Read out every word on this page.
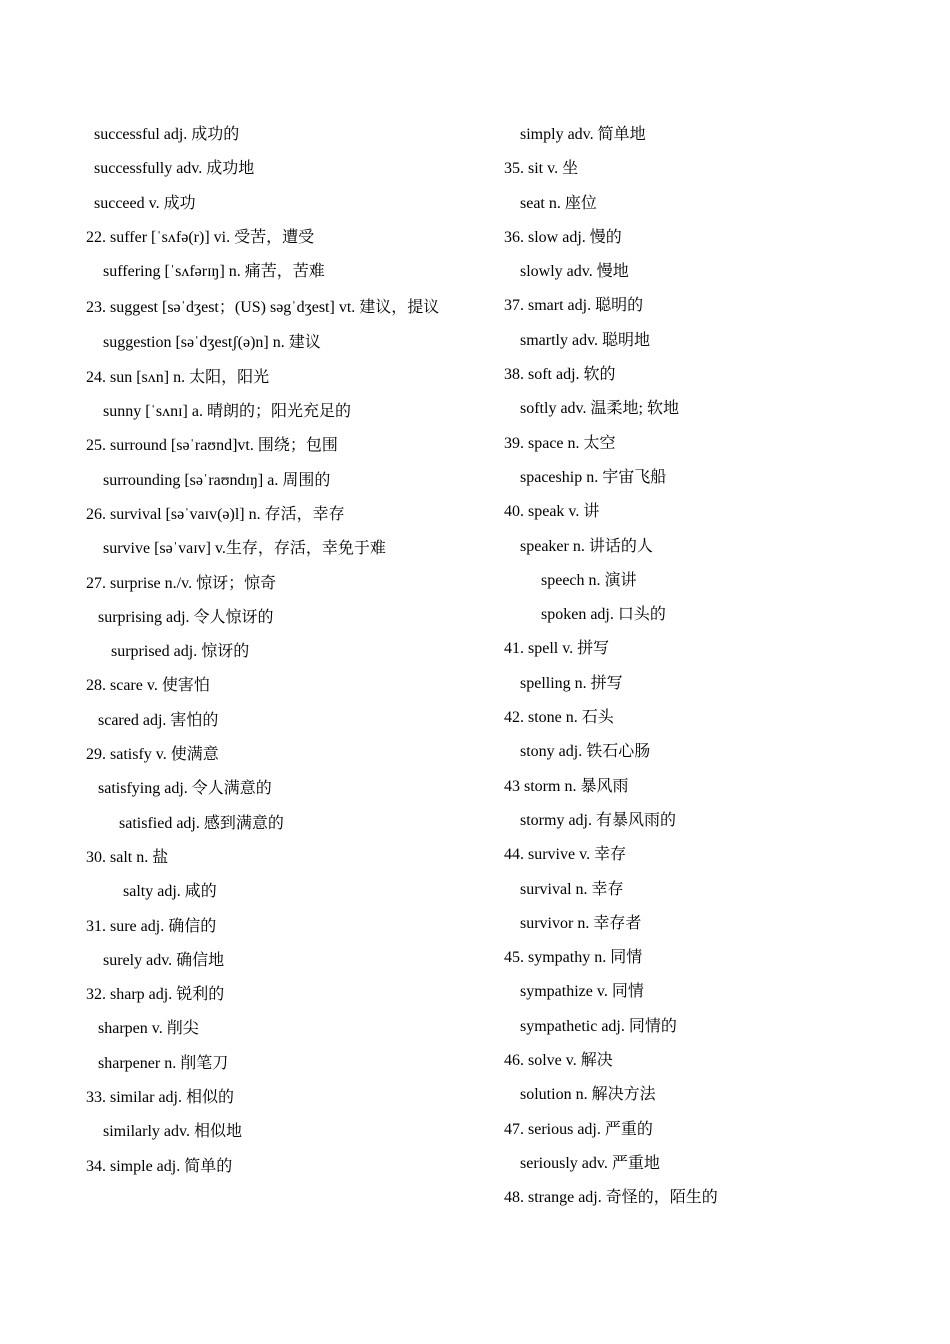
successful adj. 成功的
successfully adv. 成功地
succeed v. 成功
22. suffer [ˈsʌfə(r)] vi. 受苦，遭受
suffering [ˈsʌfərɪŋ] n. 痛苦，苦难
23. suggest [səˈdʒest；(US) səgˈdʒest] vt. 建议，提议
suggestion [səˈdʒestʃ(ə)n] n. 建议
24. sun [sʌn] n. 太阳，阳光
sunny [ˈsʌnɪ] a. 晴朗的；阳光充足的
25. surround [səˈraʊnd]vt. 围绕；包围
surrounding [səˈraʊndɪŋ] a. 周围的
26. survival [səˈvaɪv(ə)l] n. 存活，幸存
survive [səˈvaɪv] v.生存，存活，幸免于难
27. surprise n./v. 惊讶；惊奇
surprising adj. 令人惊讶的
surprised adj. 惊讶的
28. scare v. 使害怕
scared adj. 害怕的
29. satisfy v. 使满意
satisfying adj. 令人满意的
satisfied adj. 感到满意的
30. salt n. 盐
salty adj. 咸的
31. sure adj. 确信的
surely adv. 确信地
32. sharp adj. 锐利的
sharpen v. 削尖
sharpener n. 削笔刀
33. similar adj. 相似的
similarly adv. 相似地
34. simple adj. 简单的
simply adv. 简单地
35. sit v. 坐
seat n. 座位
36. slow adj. 慢的
slowly adv. 慢地
37. smart adj. 聪明的
smartly adv. 聪明地
38. soft adj. 软的
softly adv. 温柔地; 软地
39. space n. 太空
spaceship n. 宇宙飞船
40. speak v. 讲
speaker n. 讲话的人
speech n. 演讲
spoken adj. 口头的
41. spell v. 拼写
spelling n. 拼写
42. stone n. 石头
stony adj. 铁石心肠
43 storm n. 暴风雨
stormy adj. 有暴风雨的
44. survive v. 幸存
survival n. 幸存
survivor n. 幸存者
45. sympathy n. 同情
sympathize v. 同情
sympathetic adj. 同情的
46. solve v. 解决
solution n. 解决方法
47. serious adj. 严重的
seriously adv. 严重地
48. strange adj. 奇怪的，陌生的
